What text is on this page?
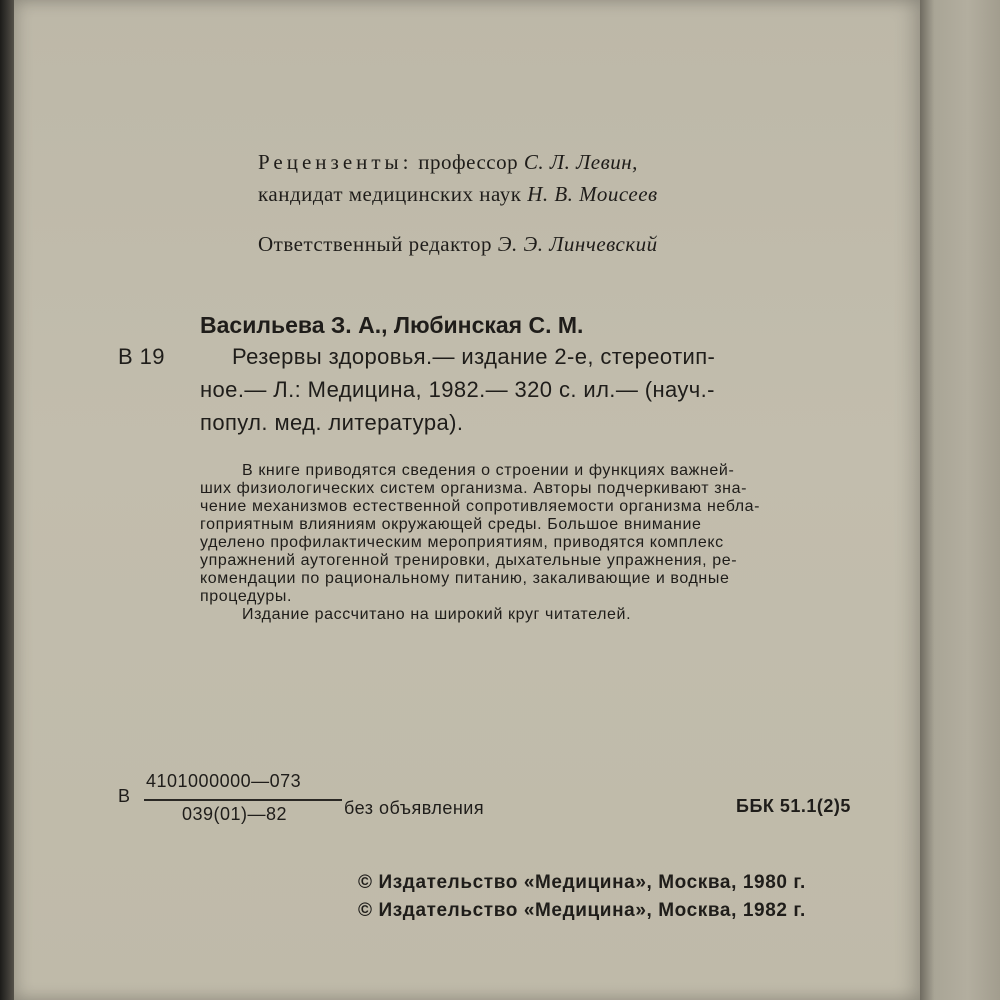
Рецензенты: профессор С. Л. Левин,
кандидат медицинских наук Н. В. Моисеев
Ответственный редактор Э. Э. Линчевский
Васильева З. А., Любинская С. М.
В 19	Резервы здоровья.— издание 2-е, стереотип-
ное.— Л.: Медицина, 1982.— 320 с. ил.— (науч.-
попул. мед. литература).
В книге приводятся сведения о строении и функциях важней-
ших физиологических систем организма. Авторы подчеркивают зна-
чение механизмов естественной сопротивляемости организма небла-
гоприятным влияниям окружающей среды. Большое внимание
уделено профилактическим мероприятиям, приводятся комплекс
упражнений аутогенной тренировки, дыхательные упражнения, ре-
комендации по рациональному питанию, закаливающие и водные
процедуры.
Издание рассчитано на широкий круг читателей.
В
4101000000—073
039(01)—82	без объявления	ББК 51.1(2)5
© Издательство «Медицина», Москва, 1980 г.
© Издательство «Медицина», Москва, 1982 г.
